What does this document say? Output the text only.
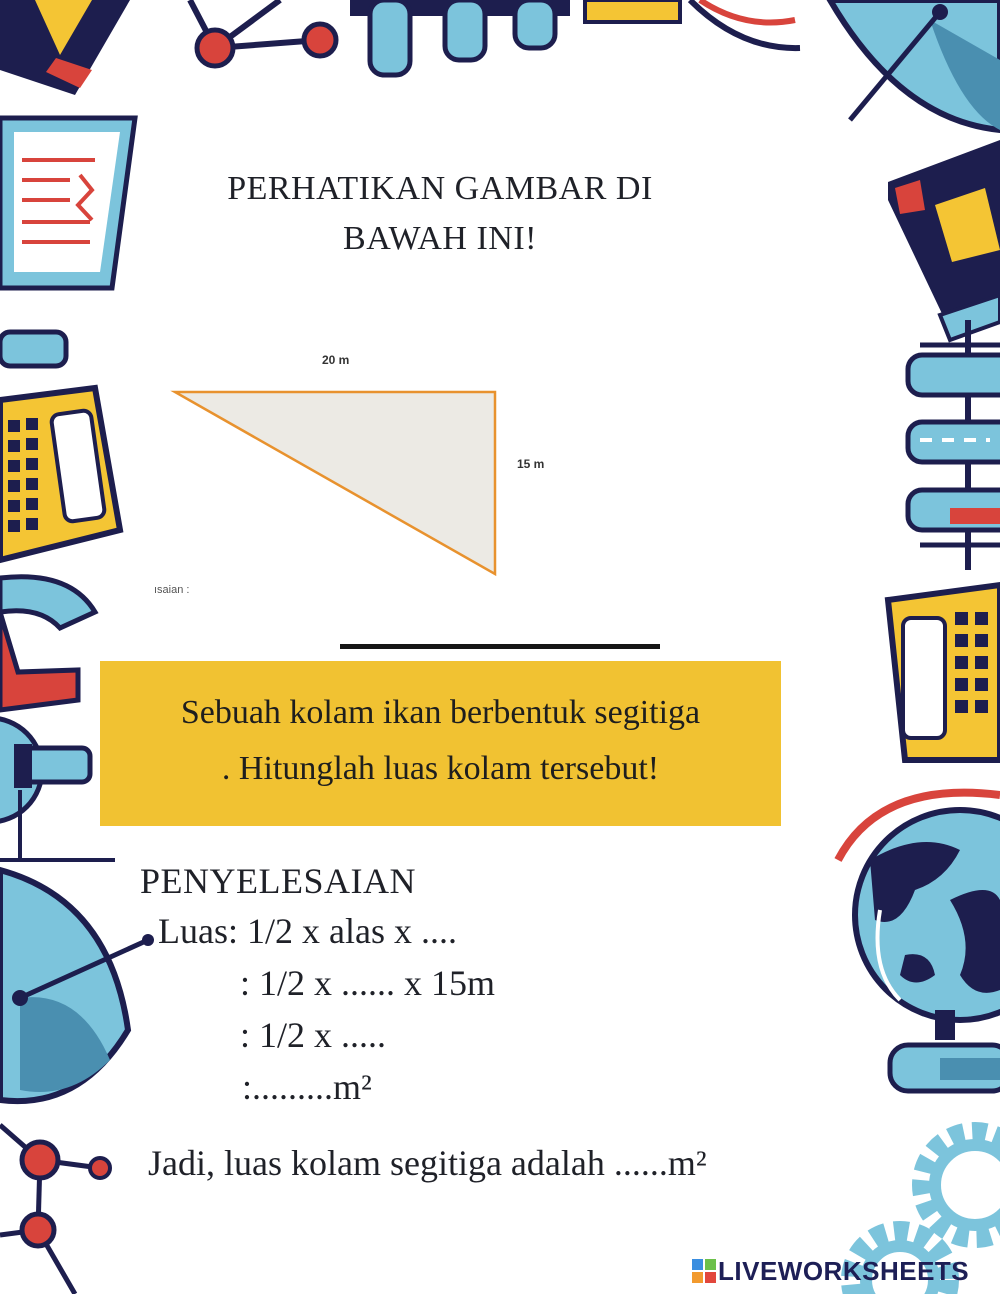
PERHATIKAN GAMBAR DI
BAWAH INI!
20 m
15 m
ısaian :
Sebuah kolam ikan berbentuk segitiga
. Hitunglah luas kolam tersebut!
PENYELESAIAN
Luas: 1/2 x alas x ....
: 1/2 x ...... x 15m
: 1/2 x .....
:.........m²
Jadi, luas kolam segitiga adalah ......m²
LIVEWORKSHEETS
